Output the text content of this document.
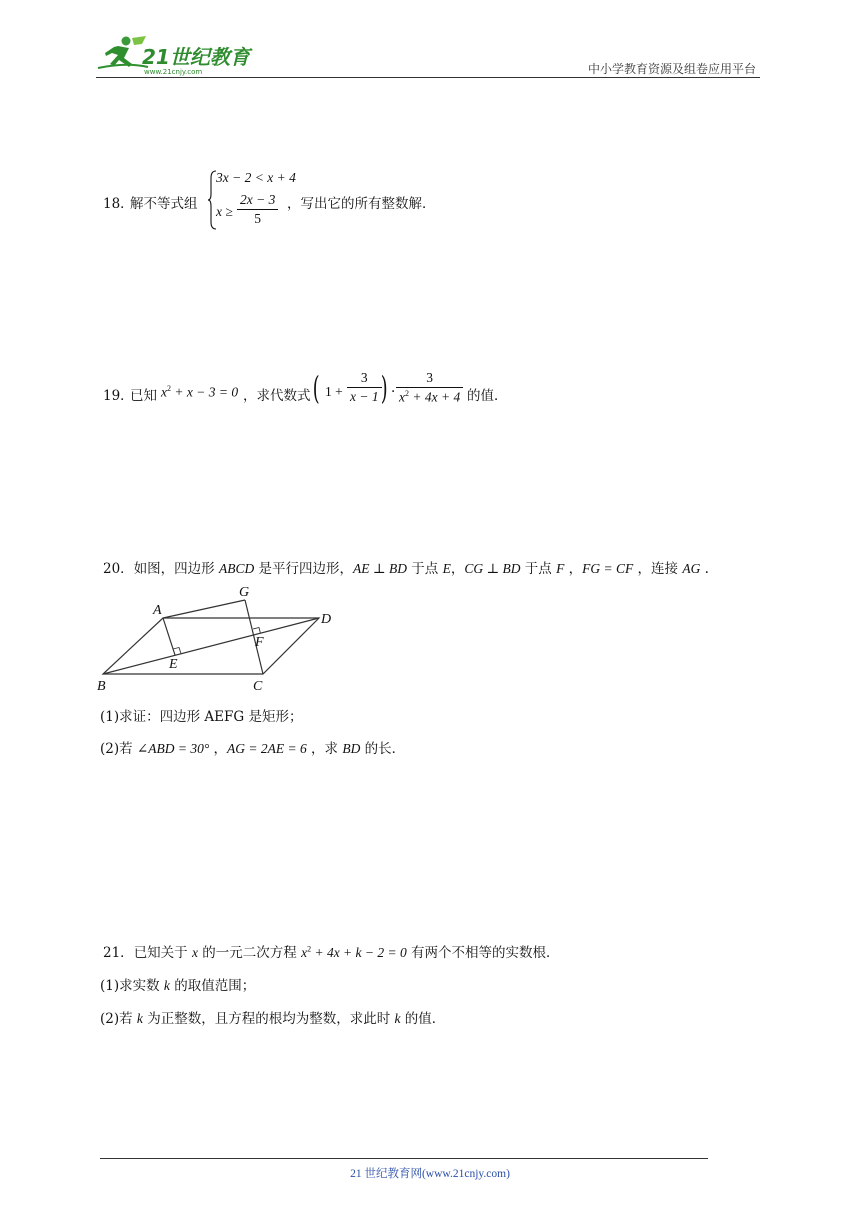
21世纪教育
www.21cnjy.com	中小学教育资源及组卷应用平台
18．
解不等式组
3x − 2 < x + 4
$x \ge \frac{2x - 3}{5}$ ，写出它的所有整数解．
19．
已知 $x^2 + x - 3 = 0$ ，求代数式 ( $1 + \frac{3}{x - 1}$ ) · $\frac{3}{x^2 + 4x + 4}$ 的值．
20．如图，四边形 ABCD 是平行四边形，AE ⊥ BD 于点 E，CG ⊥ BD 于点 F ，FG = CF ，连接 AG .
A
G
D
E
F
B	C
(1)求证：四边形 AEFG 是矩形；
(2)若 ∠ABD = 30° ，AG = 2AE = 6 ，求 BD 的长．
21．已知关于 x 的一元二次方程 $x^2 + 4x + k - 2 = 0$ 有两个不相等的实数根．
(1)求实数 k 的取值范围；
(2)若 k 为正整数，且方程的根均为整数，求此时 k 的值．
21 世纪教育网(www.21cnjy.com)
